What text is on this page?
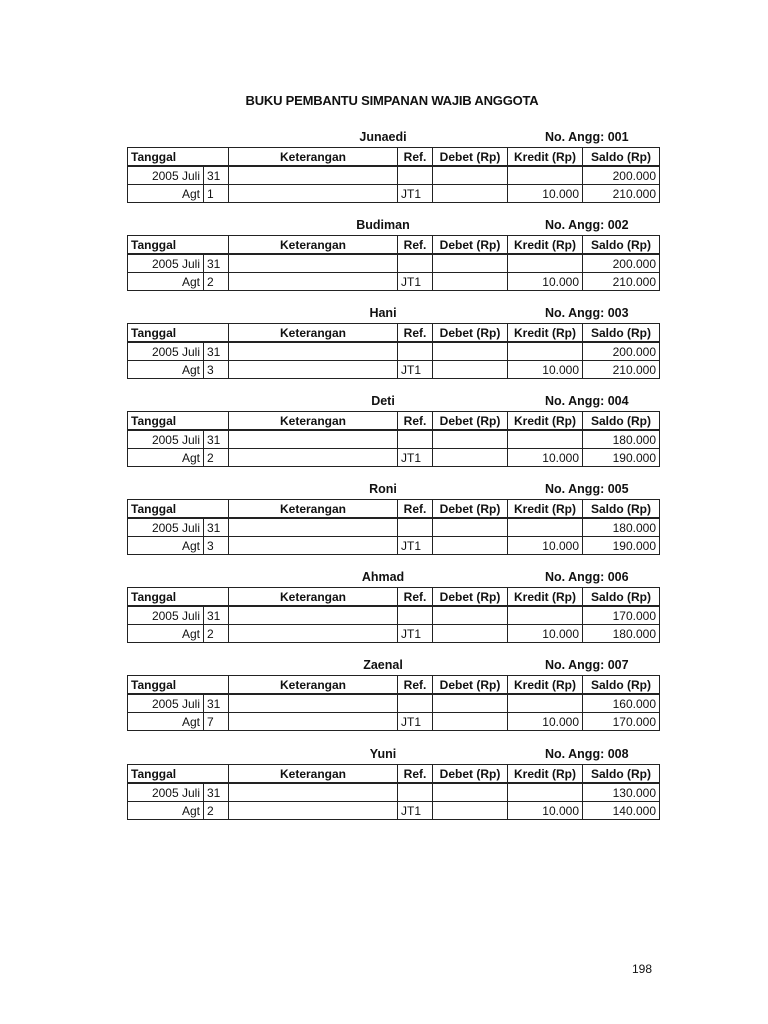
BUKU PEMBANTU SIMPANAN WAJIB ANGGOTA
Junaedi	No. Angg: 001
Tanggal		Keterangan	Ref.	Debet (Rp)	Kredit (Rp)	Saldo (Rp)
2005 Juli	31					200.000
Agt	1		JT1		10.000	210.000
Budiman	No. Angg: 002
Tanggal		Keterangan	Ref.	Debet (Rp)	Kredit (Rp)	Saldo (Rp)
2005 Juli	31					200.000
Agt	2		JT1		10.000	210.000
Hani	No. Angg: 003
Tanggal		Keterangan	Ref.	Debet (Rp)	Kredit (Rp)	Saldo (Rp)
2005 Juli	31					200.000
Agt	3		JT1		10.000	210.000
Deti	No. Angg: 004
Tanggal		Keterangan	Ref.	Debet (Rp)	Kredit (Rp)	Saldo (Rp)
2005 Juli	31					180.000
Agt	2		JT1		10.000	190.000
Roni	No. Angg: 005
Tanggal		Keterangan	Ref.	Debet (Rp)	Kredit (Rp)	Saldo (Rp)
2005 Juli	31					180.000
Agt	3		JT1		10.000	190.000
Ahmad	No. Angg: 006
Tanggal		Keterangan	Ref.	Debet (Rp)	Kredit (Rp)	Saldo (Rp)
2005 Juli	31					170.000
Agt	2		JT1		10.000	180.000
Zaenal	No. Angg: 007
Tanggal		Keterangan	Ref.	Debet (Rp)	Kredit (Rp)	Saldo (Rp)
2005 Juli	31					160.000
Agt	7		JT1		10.000	170.000
Yuni	No. Angg: 008
Tanggal		Keterangan	Ref.	Debet (Rp)	Kredit (Rp)	Saldo (Rp)
2005 Juli	31					130.000
Agt	2		JT1		10.000	140.000
198
